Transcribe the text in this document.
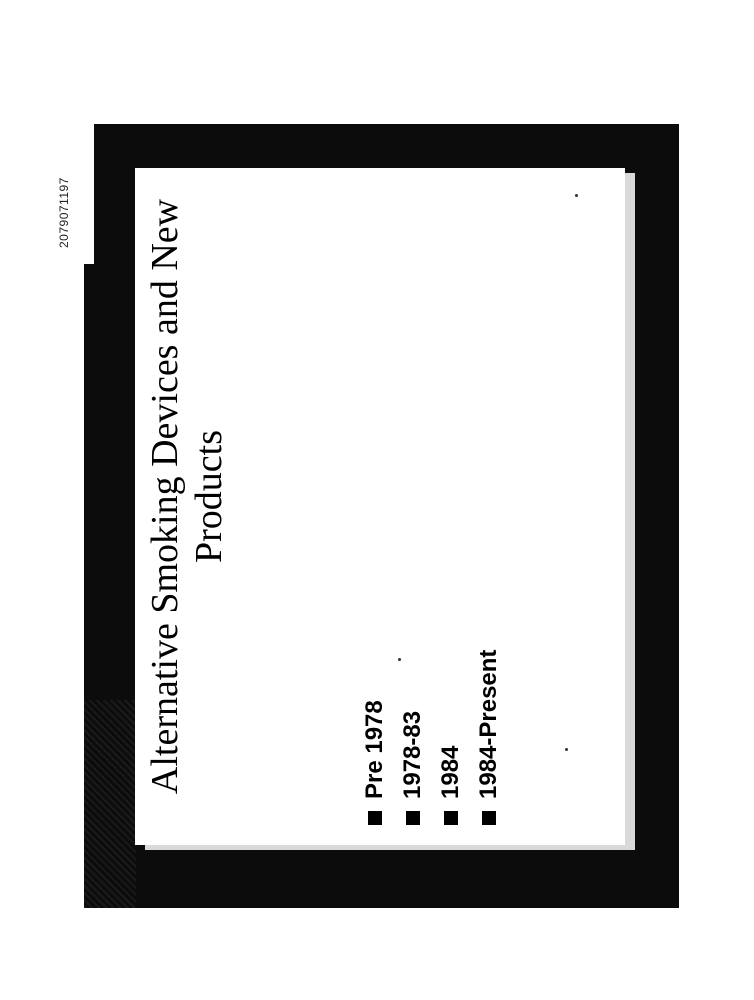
2079071197 Alternative Smoking Devices and New Products
Pre 1978 1978-83 1984 1984-Present
